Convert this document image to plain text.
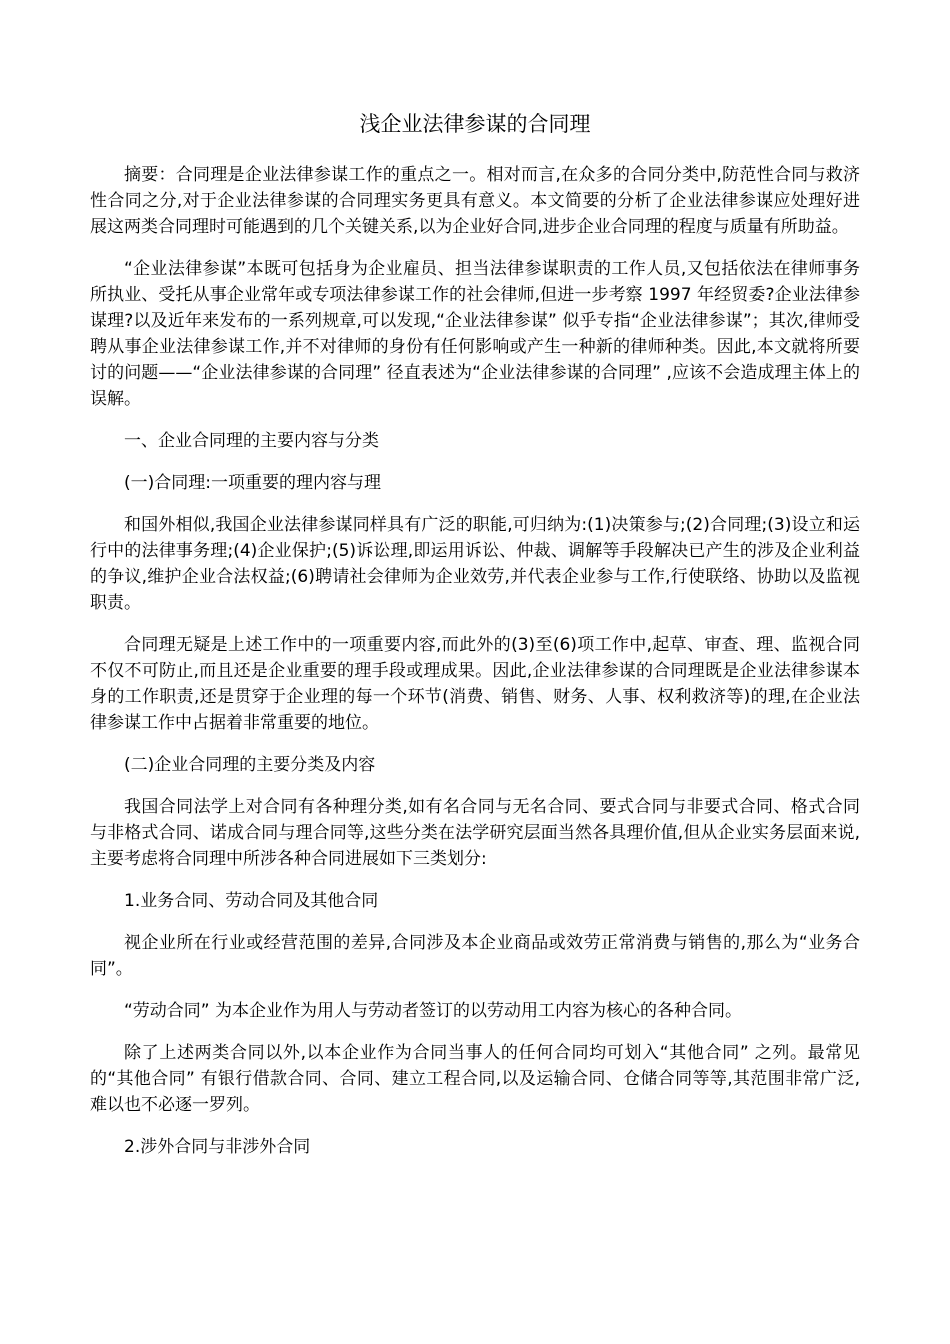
浅企业法律参谋的合同理

摘要：合同理是企业法律参谋工作的重点之一。相对而言,在众多的合同分类中,防范性合同与救济性合同之分,对于企业法律参谋的合同理实务更具有意义。本文简要的分析了企业法律参谋应处理好进展这两类合同理时可能遇到的几个关键关系,以为企业好合同,进步企业合同理的程度与质量有所助益。

“企业法律参谋”本既可包括身为企业雇员、担当法律参谋职责的工作人员,又包括依法在律师事务所执业、受托从事企业常年或专项法律参谋工作的社会律师,但进一步考察 1997 年经贸委?企业法律参谋理?以及近年来发布的一系列规章,可以发现,“企业法律参谋” 似乎专指“企业法律参谋”；其次,律师受聘从事企业法律参谋工作,并不对律师的身份有任何影响或产生一种新的律师种类。因此,本文就将所要讨的问题——“企业法律参谋的合同理” 径直表述为“企业法律参谋的合同理” ,应该不会造成理主体上的误解。

一、企业合同理的主要内容与分类

(一)合同理:一项重要的理内容与理

和国外相似,我国企业法律参谋同样具有广泛的职能,可归纳为:(1)决策参与;(2)合同理;(3)设立和运行中的法律事务理;(4)企业保护;(5)诉讼理,即运用诉讼、仲裁、调解等手段解决已产生的涉及企业利益的争议,维护企业合法权益;(6)聘请社会律师为企业效劳,并代表企业参与工作,行使联络、协助以及监视职责。

合同理无疑是上述工作中的一项重要内容,而此外的(3)至(6)项工作中,起草、审查、理、监视合同不仅不可防止,而且还是企业重要的理手段或理成果。因此,企业法律参谋的合同理既是企业法律参谋本身的工作职责,还是贯穿于企业理的每一个环节(消费、销售、财务、人事、权利救济等)的理,在企业法律参谋工作中占据着非常重要的地位。

(二)企业合同理的主要分类及内容

我国合同法学上对合同有各种理分类,如有名合同与无名合同、要式合同与非要式合同、格式合同与非格式合同、诺成合同与理合同等,这些分类在法学研究层面当然各具理价值,但从企业实务层面来说,主要考虑将合同理中所涉各种合同进展如下三类划分:

1.业务合同、劳动合同及其他合同

视企业所在行业或经营范围的差异,合同涉及本企业商品或效劳正常消费与销售的,那么为“业务合同”。

“劳动合同” 为本企业作为用人与劳动者签订的以劳动用工内容为核心的各种合同。

除了上述两类合同以外,以本企业作为合同当事人的任何合同均可划入“其他合同” 之列。最常见的“其他合同” 有银行借款合同、合同、建立工程合同,以及运输合同、仓储合同等等,其范围非常广泛,难以也不必逐一罗列。

2.涉外合同与非涉外合同
